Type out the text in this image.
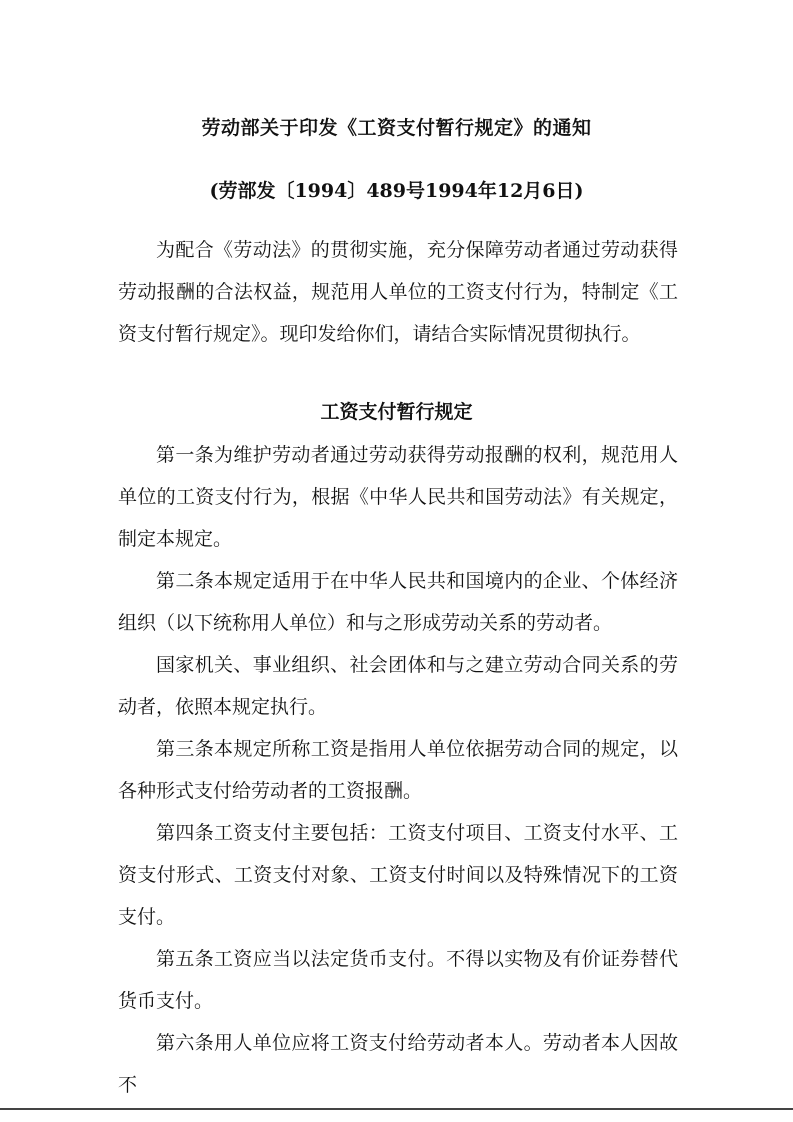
劳动部关于印发《工资支付暂行规定》的通知
(劳部发〔1994〕489号1994年12月6日)
为配合《劳动法》的贯彻实施，充分保障劳动者通过劳动获得劳动报酬的合法权益，规范用人单位的工资支付行为，特制定《工资支付暂行规定》。现印发给你们，请结合实际情况贯彻执行。
工资支付暂行规定

第一条为维护劳动者通过劳动获得劳动报酬的权利，规范用人单位的工资支付行为，根据《中华人民共和国劳动法》有关规定，制定本规定。

第二条本规定适用于在中华人民共和国境内的企业、个体经济组织（以下统称用人单位）和与之形成劳动关系的劳动者。

国家机关、事业组织、社会团体和与之建立劳动合同关系的劳动者，依照本规定执行。

第三条本规定所称工资是指用人单位依据劳动合同的规定，以各种形式支付给劳动者的工资报酬。

第四条工资支付主要包括：工资支付项目、工资支付水平、工资支付形式、工资支付对象、工资支付时间以及特殊情况下的工资支付。

第五条工资应当以法定货币支付。不得以实物及有价证券替代货币支付。

第六条用人单位应将工资支付给劳动者本人。劳动者本人因故不
